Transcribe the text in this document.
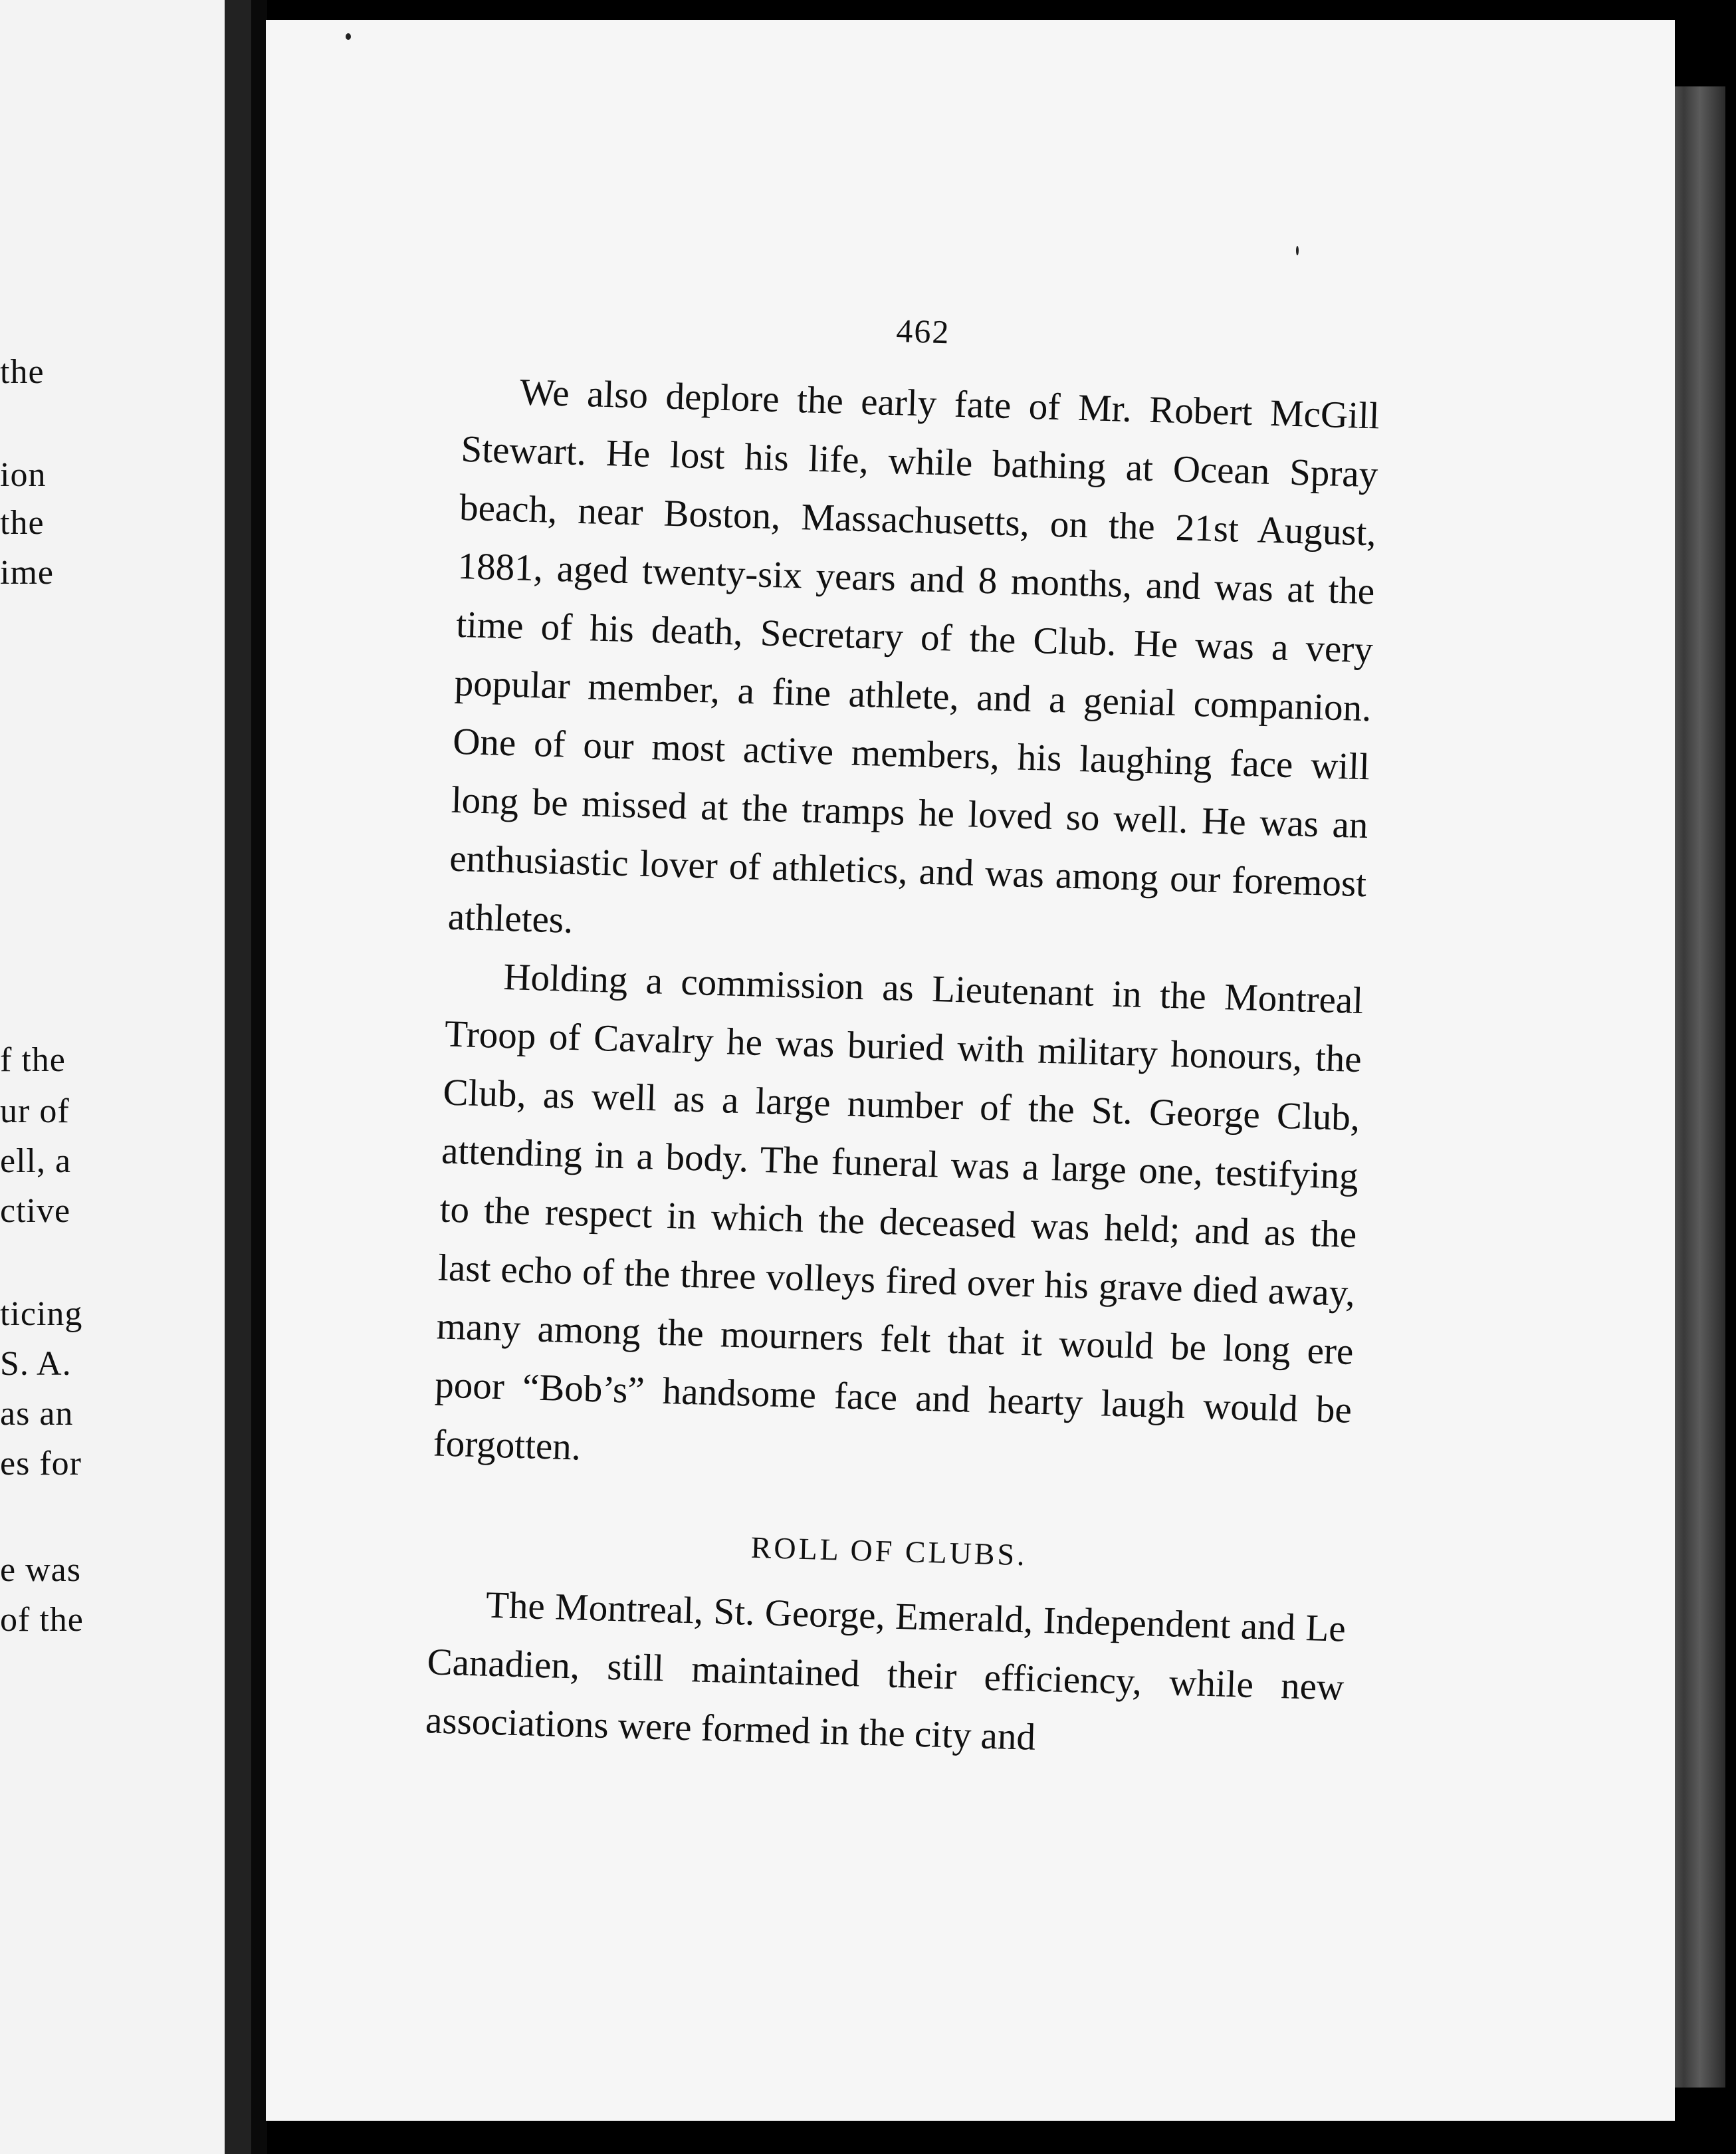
the
ion
the
ime
f the
ur of
ell, a
ctive
ticing
S. A.
as an
es for
e was
of the
462

We also deplore the early fate of Mr. Robert McGill Stewart. He lost his life, while bathing at Ocean Spray beach, near Boston, Massachusetts, on the 21st August, 1881, aged twenty-six years and 8 months, and was at the time of his death, Secretary of the Club. He was a very popular member, a fine athlete, and a genial companion. One of our most active members, his laughing face will long be missed at the tramps he loved so well. He was an enthusiastic lover of athletics, and was among our foremost athletes.

Holding a commission as Lieutenant in the Montreal Troop of Cavalry he was buried with military honours, the Club, as well as a large number of the St. George Club, attending in a body. The funeral was a large one, testifying to the respect in which the deceased was held; and as the last echo of the three volleys fired over his grave died away, many among the mourners felt that it would be long ere poor “Bob’s” handsome face and hearty laugh would be forgotten.

ROLL OF CLUBS.

The Montreal, St. George, Emerald, Independent and Le Canadien, still maintained their efficiency, while new associations were formed in the city and
